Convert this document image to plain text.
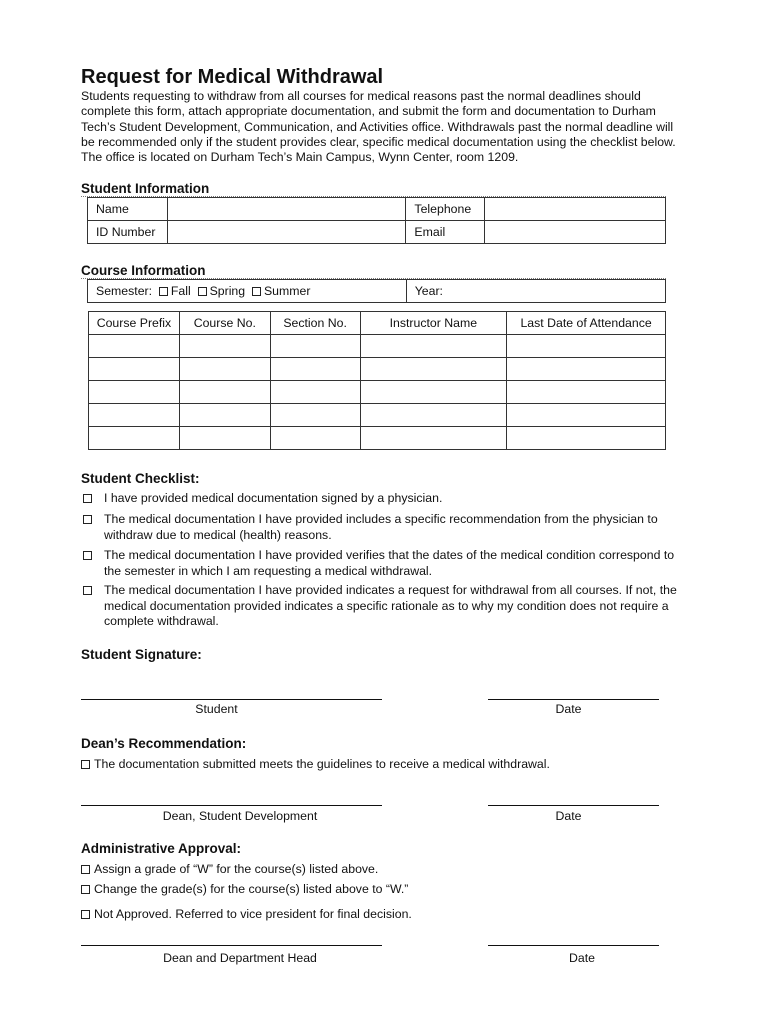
Request for Medical Withdrawal
Students requesting to withdraw from all courses for medical reasons past the normal deadlines should complete this form, attach appropriate documentation, and submit the form and documentation to Durham Tech’s Student Development, Communication, and Activities office. Withdrawals past the normal deadline will be recommended only if the student provides clear, specific medical documentation using the checklist below. The office is located on Durham Tech’s Main Campus, Wynn Center, room 1209.
Student Information
Name		Telephone	
ID Number		Email	
Course Information
Semester: Fall Spring Summer	Year:
Course Prefix	Course No.	Section No.	Instructor Name	Last Date of Attendance

Student Checklist:
I have provided medical documentation signed by a physician.
The medical documentation I have provided includes a specific recommendation from the physician to withdraw due to medical (health) reasons.
The medical documentation I have provided verifies that the dates of the medical condition correspond to the semester in which I am requesting a medical withdrawal.
The medical documentation I have provided indicates a request for withdrawal from all courses. If not, the medical documentation provided indicates a specific rationale as to why my condition does not require a complete withdrawal.
Student Signature:
Student	Date
Dean’s Recommendation:
The documentation submitted meets the guidelines to receive a medical withdrawal.
Dean, Student Development	Date
Administrative Approval:
Assign a grade of “W” for the course(s) listed above.
Change the grade(s) for the course(s) listed above to “W.”
Not Approved. Referred to vice president for final decision.
Dean and Department Head	Date
